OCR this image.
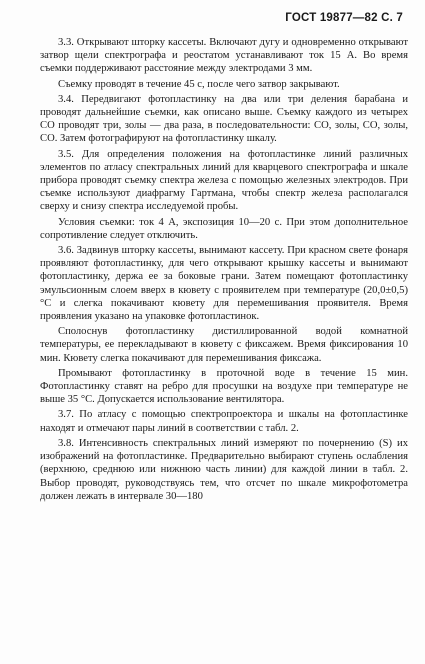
ГОСТ 19877—82 С. 7

3.3. Открывают шторку кассеты. Включают дугу и одновременно открывают затвор щели спектрографа и реостатом устанавливают ток 15 А. Во время съемки поддерживают расстояние между электродами 3 мм.

Съемку проводят в течение 45 с, после чего затвор закрывают.

3.4. Передвигают фотопластинку на два или три деления барабана и проводят дальнейшие съемки, как описано выше. Съемку каждого из четырех СО проводят три, золы — два раза, в последовательности: СО, золы, СО, золы, СО. Затем фотографируют на фотопластинку шкалу.

3.5. Для определения положения на фотопластинке линий различных элементов по атласу спектральных линий для кварцевого спектрографа и шкале прибора проводят съемку спектра железа с помощью железных электродов. При съемке используют диафрагму Гартмана, чтобы спектр железа располагался сверху и снизу спектра исследуемой пробы.

Условия съемки: ток 4 А, экспозиция 10—20 с. При этом дополнительное сопротивление следует отключить.

3.6. Задвинув шторку кассеты, вынимают кассету. При красном свете фонаря проявляют фотопластинку, для чего открывают крышку кассеты и вынимают фотопластинку, держа ее за боковые грани. Затем помещают фотопластинку эмульсионным слоем вверх в кювету с проявителем при температуре (20,0±0,5) °С и слегка покачивают кювету для перемешивания проявителя. Время проявления указано на упаковке фотопластинок.

Сполоснув фотопластинку дистиллированной водой комнатной температуры, ее перекладывают в кювету с фиксажем. Время фиксирования 10 мин. Кювету слегка покачивают для перемешивания фиксажа.

Промывают фотопластинку в проточной воде в течение 15 мин. Фотопластинку ставят на ребро для просушки на воздухе при температуре не выше 35 °С. Допускается использование вентилятора.

3.7. По атласу с помощью спектропроектора и шкалы на фотопластинке находят и отмечают пары линий в соответствии с табл. 2.

3.8. Интенсивность спектральных линий измеряют по почернению (S) их изображений на фотопластинке. Предварительно выбирают ступень ослабления (верхнюю, среднюю или нижнюю часть линии) для каждой линии в табл. 2. Выбор проводят, руководствуясь тем, что отсчет по шкале микрофотометра должен лежать в интервале 30—180
